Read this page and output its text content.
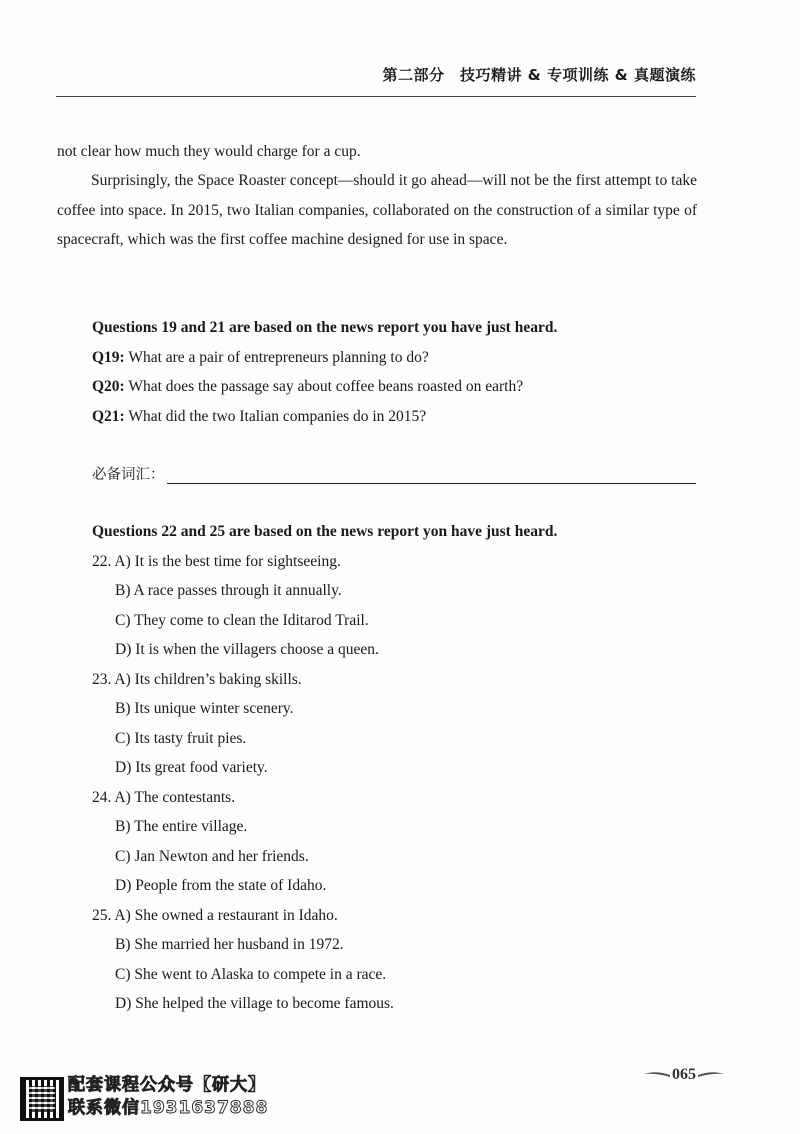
第二部分　技巧精讲 & 专项训练 & 真题演练
not clear how much they would charge for a cup.
Surprisingly, the Space Roaster concept—should it go ahead—will not be the first attempt to take coffee into space. In 2015, two Italian companies, collaborated on the construction of a similar type of spacecraft, which was the first coffee machine designed for use in space.
Questions 19 and 21 are based on the news report you have just heard.
Q19: What are a pair of entrepreneurs planning to do?
Q20: What does the passage say about coffee beans roasted on earth?
Q21: What did the two Italian companies do in 2015?
必备词汇：
Questions 22 and 25 are based on the news report yon have just heard.
22. A) It is the best time for sightseeing.
B) A race passes through it annually.
C) They come to clean the Iditarod Trail.
D) It is when the villagers choose a queen.
23. A) Its children’s baking skills.
B) Its unique winter scenery.
C) Its tasty fruit pies.
D) Its great food variety.
24. A) The contestants.
B) The entire village.
C) Jan Newton and her friends.
D) People from the state of Idaho.
25. A) She owned a restaurant in Idaho.
B) She married her husband in 1972.
C) She went to Alaska to compete in a race.
D) She helped the village to become famous.
配套课程公众号【研大】
联系微信1931637888
065
